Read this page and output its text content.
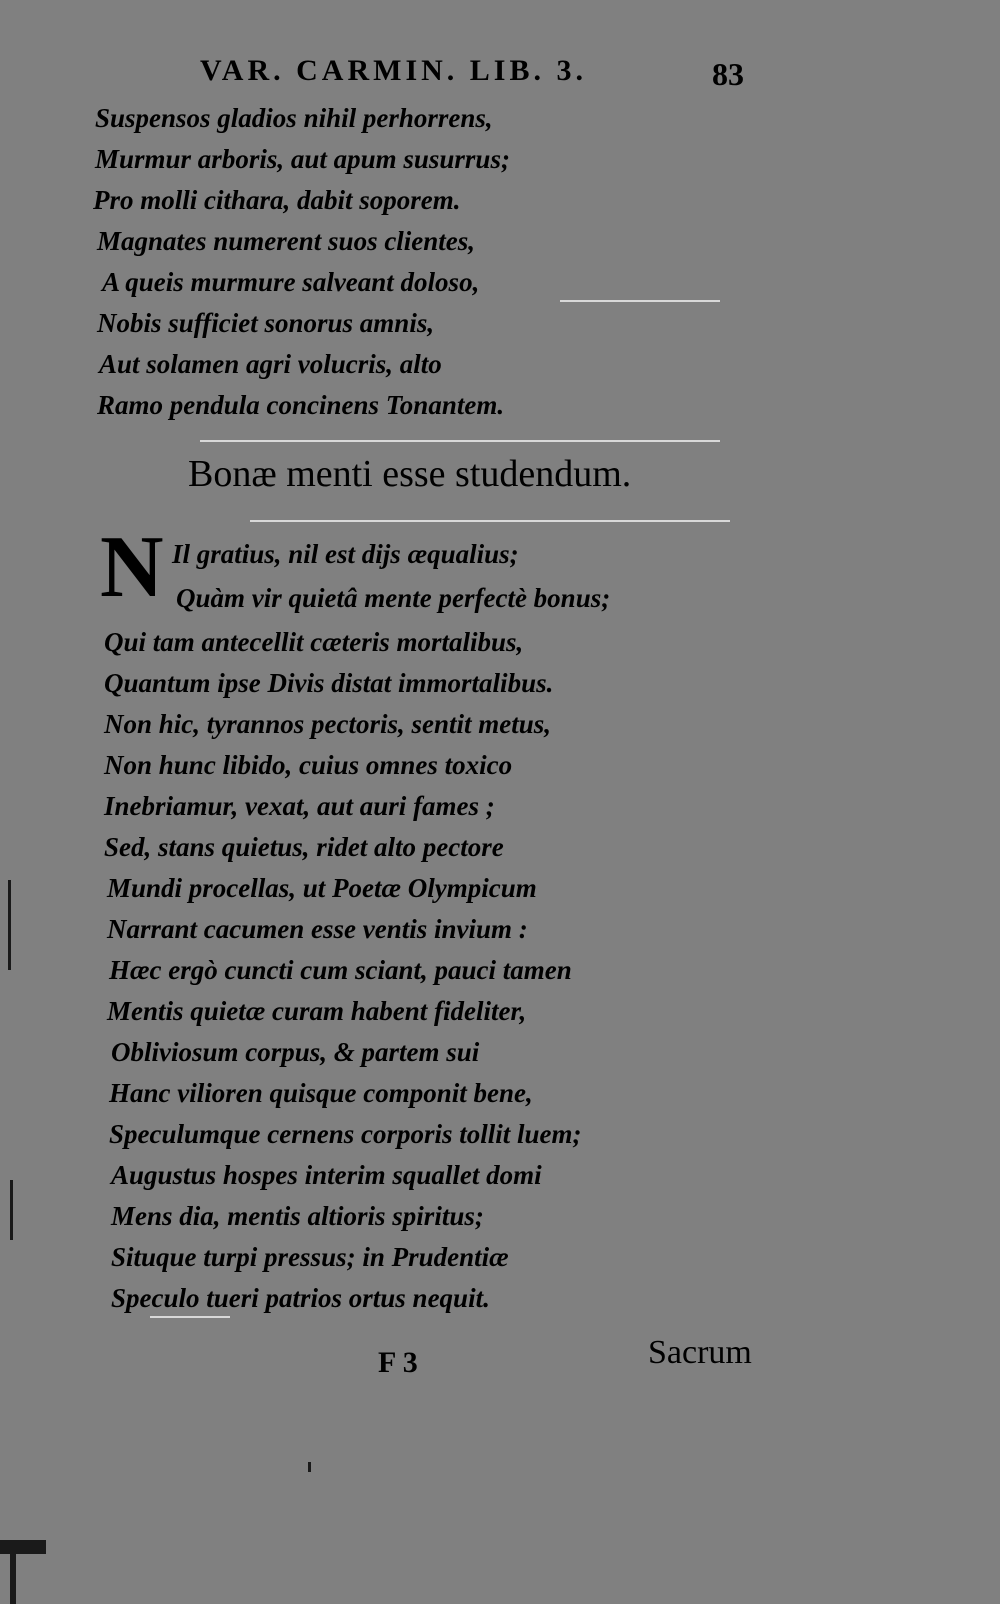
VAR. CARMIN. LIB. 3.	83
Suspensos gladios nihil perhorrens,
Murmur arboris, aut apum susurrus;
Pro molli cithara, dabit soporem.
Magnates numerent suos clientes,
A queis murmure salveant doloso,
Nobis sufficiet sonorus amnis,
Aut solamen agri volucris, alto
Ramo pendula concinens Tonantem.
Bonæ menti esse studendum.
N Il gratius, nil est dijs æqualius;
Quàm vir quietâ mente perfectè bonus;
Qui tam antecellit cæteris mortalibus,
Quantum ipse Divis distat immortalibus.
Non hic, tyrannos pectoris, sentit metus,
Non hunc libido, cuius omnes toxico
Inebriamur, vexat, aut auri fames ;
Sed, stans quietus, ridet alto pectore
Mundi procellas, ut Poetæ Olympicum
Narrant cacumen esse ventis invium :
Hæc ergò cuncti cum sciant, pauci tamen
Mentis quietæ curam habent fideliter,
Obliviosum corpus, & partem sui
Hanc vilioren quisque componit bene,
Speculumque cernens corporis tollit luem;
Augustus hospes interim squallet domi
Mens dia, mentis altioris spiritus;
Situque turpi pressus; in Prudentiæ
Speculo tueri patrios ortus nequit.
F 3	Sacrum
